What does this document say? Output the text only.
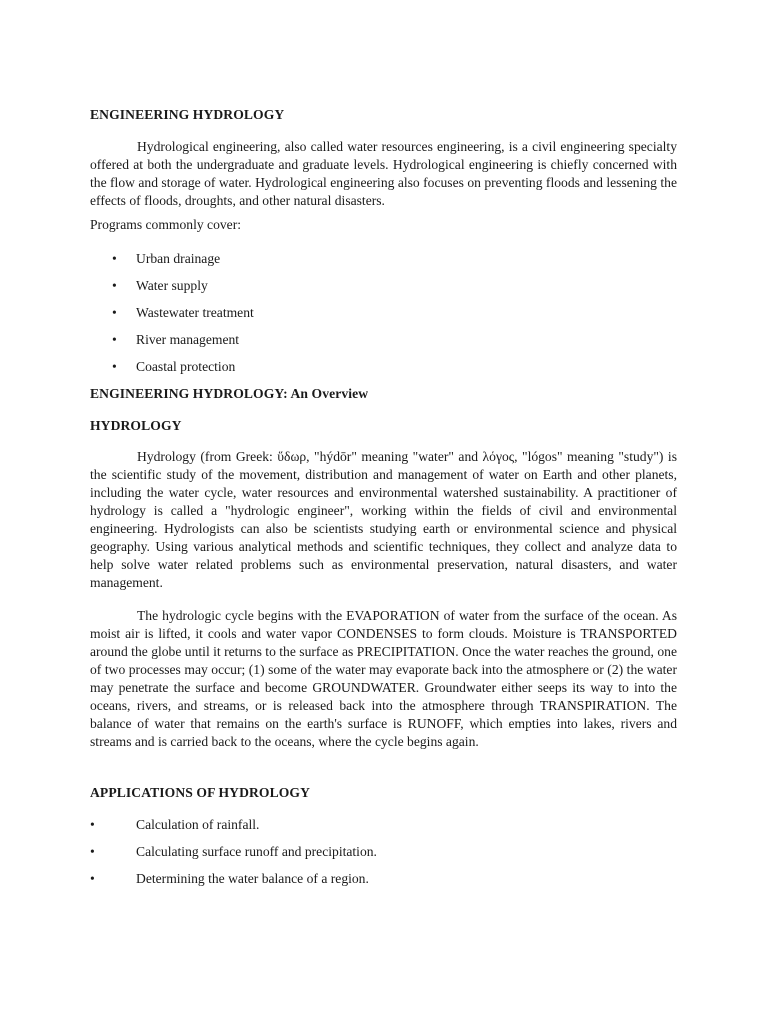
ENGINEERING HYDROLOGY

Hydrological engineering, also called water resources engineering, is a civil engineering specialty offered at both the undergraduate and graduate levels. Hydrological engineering is chiefly concerned with the flow and storage of water. Hydrological engineering also focuses on preventing floods and lessening the effects of floods, droughts, and other natural disasters.

Programs commonly cover:

• Urban drainage
• Water supply
• Wastewater treatment
• River management
• Coastal protection
ENGINEERING HYDROLOGY: An Overview
HYDROLOGY

Hydrology (from Greek: ὕδωρ, "hýdōr" meaning "water" and λόγος, "lógos" meaning "study") is the scientific study of the movement, distribution and management of water on Earth and other planets, including the water cycle, water resources and environmental watershed sustainability. A practitioner of hydrology is called a "hydrologic engineer", working within the fields of civil and environmental engineering. Hydrologists can also be scientists studying earth or environmental science and physical geography. Using various analytical methods and scientific techniques, they collect and analyze data to help solve water related problems such as environmental preservation, natural disasters, and water management.

The hydrologic cycle begins with the EVAPORATION of water from the surface of the ocean. As moist air is lifted, it cools and water vapor CONDENSES to form clouds. Moisture is TRANSPORTED around the globe until it returns to the surface as PRECIPITATION. Once the water reaches the ground, one of two processes may occur; (1) some of the water may evaporate back into the atmosphere or (2) the water may penetrate the surface and become GROUNDWATER. Groundwater either seeps its way to into the oceans, rivers, and streams, or is released back into the atmosphere through TRANSPIRATION. The balance of water that remains on the earth's surface is RUNOFF, which empties into lakes, rivers and streams and is carried back to the oceans, where the cycle begins again.

APPLICATIONS OF HYDROLOGY
•	Calculation of rainfall.
•	Calculating surface runoff and precipitation.
•	Determining the water balance of a region.
